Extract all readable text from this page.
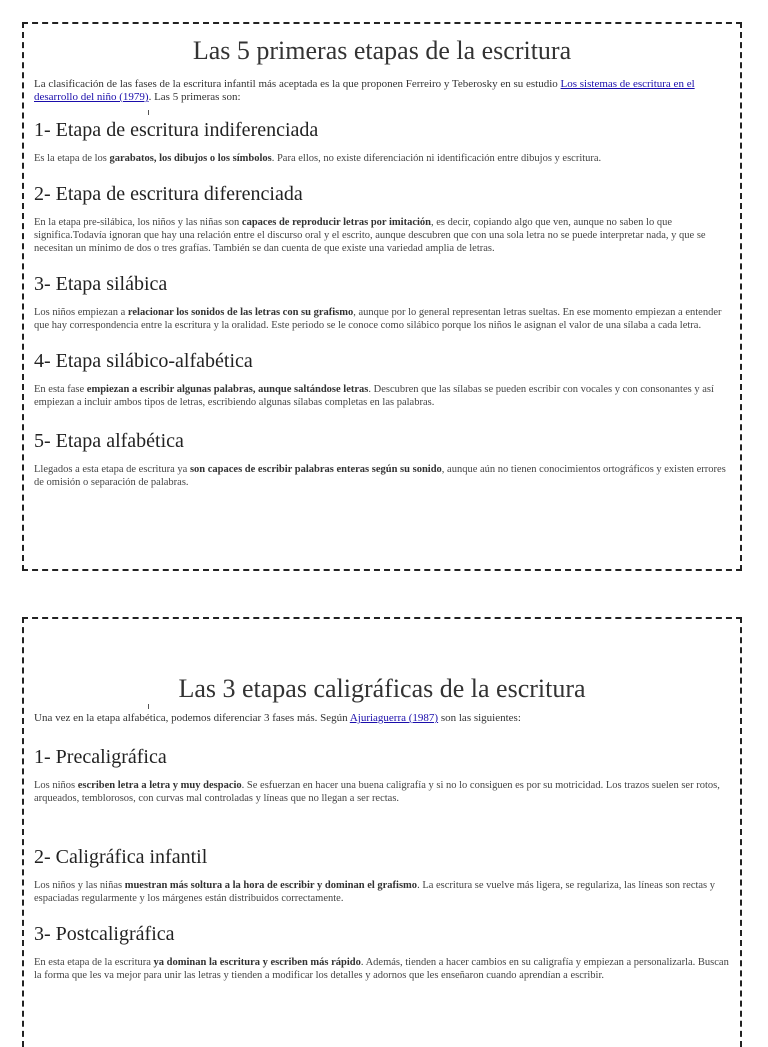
Las 5 primeras etapas de la escritura

La clasificación de las fases de la escritura infantil más aceptada es la que proponen Ferreiro y Teberosky en su estudio Los sistemas de escritura en el desarrollo del niño (1979). Las 5 primeras son:

1- Etapa de escritura indiferenciada

Es la etapa de los garabatos, los dibujos o los símbolos. Para ellos, no existe diferenciación ni identificación entre dibujos y escritura.

2- Etapa de escritura diferenciada

En la etapa pre-silábica, los niños y las niñas son capaces de reproducir letras por imitación, es decir, copiando algo que ven, aunque no saben lo que significa.Todavía ignoran que hay una relación entre el discurso oral y el escrito, aunque descubren que con una sola letra no se puede interpretar nada, y que se necesitan un mínimo de dos o tres grafías. También se dan cuenta de que existe una variedad amplia de letras.

3- Etapa silábica

Los niños empiezan a relacionar los sonidos de las letras con su grafismo, aunque por lo general representan letras sueltas. En ese momento empiezan a entender que hay correspondencia entre la escritura y la oralidad. Este periodo se le conoce como silábico porque los niños le asignan el valor de una sílaba a cada letra.

4- Etapa silábico-alfabética

En esta fase empiezan a escribir algunas palabras, aunque saltándose letras. Descubren que las sílabas se pueden escribir con vocales y con consonantes y así empiezan a incluir ambos tipos de letras, escribiendo algunas sílabas completas en las palabras.

5- Etapa alfabética

Llegados a esta etapa de escritura ya son capaces de escribir palabras enteras según su sonido, aunque aún no tienen conocimientos ortográficos y existen errores de omisión o separación de palabras.

Las 3 etapas caligráficas de la escritura

Una vez en la etapa alfabética, podemos diferenciar 3 fases más. Según Ajuriaguerra (1987) son las siguientes:

1- Precaligráfica

Los niños escriben letra a letra y muy despacio. Se esfuerzan en hacer una buena caligrafía y si no lo consiguen es por su motricidad. Los trazos suelen ser rotos, arqueados, temblorosos, con curvas mal controladas y líneas que no llegan a ser rectas.

2- Caligráfica infantil

Los niños y las niñas muestran más soltura a la hora de escribir y dominan el grafismo. La escritura se vuelve más ligera, se regulariza, las líneas son rectas y espaciadas regularmente y los márgenes están distribuidos correctamente.

3- Postcaligráfica

En esta etapa de la escritura ya dominan la escritura y escriben más rápido. Además, tienden a hacer cambios en su caligrafía y empiezan a personalizarla. Buscan la forma que les va mejor para unir las letras y tienden a modificar los detalles y adornos que les enseñaron cuando aprendían a escribir.
